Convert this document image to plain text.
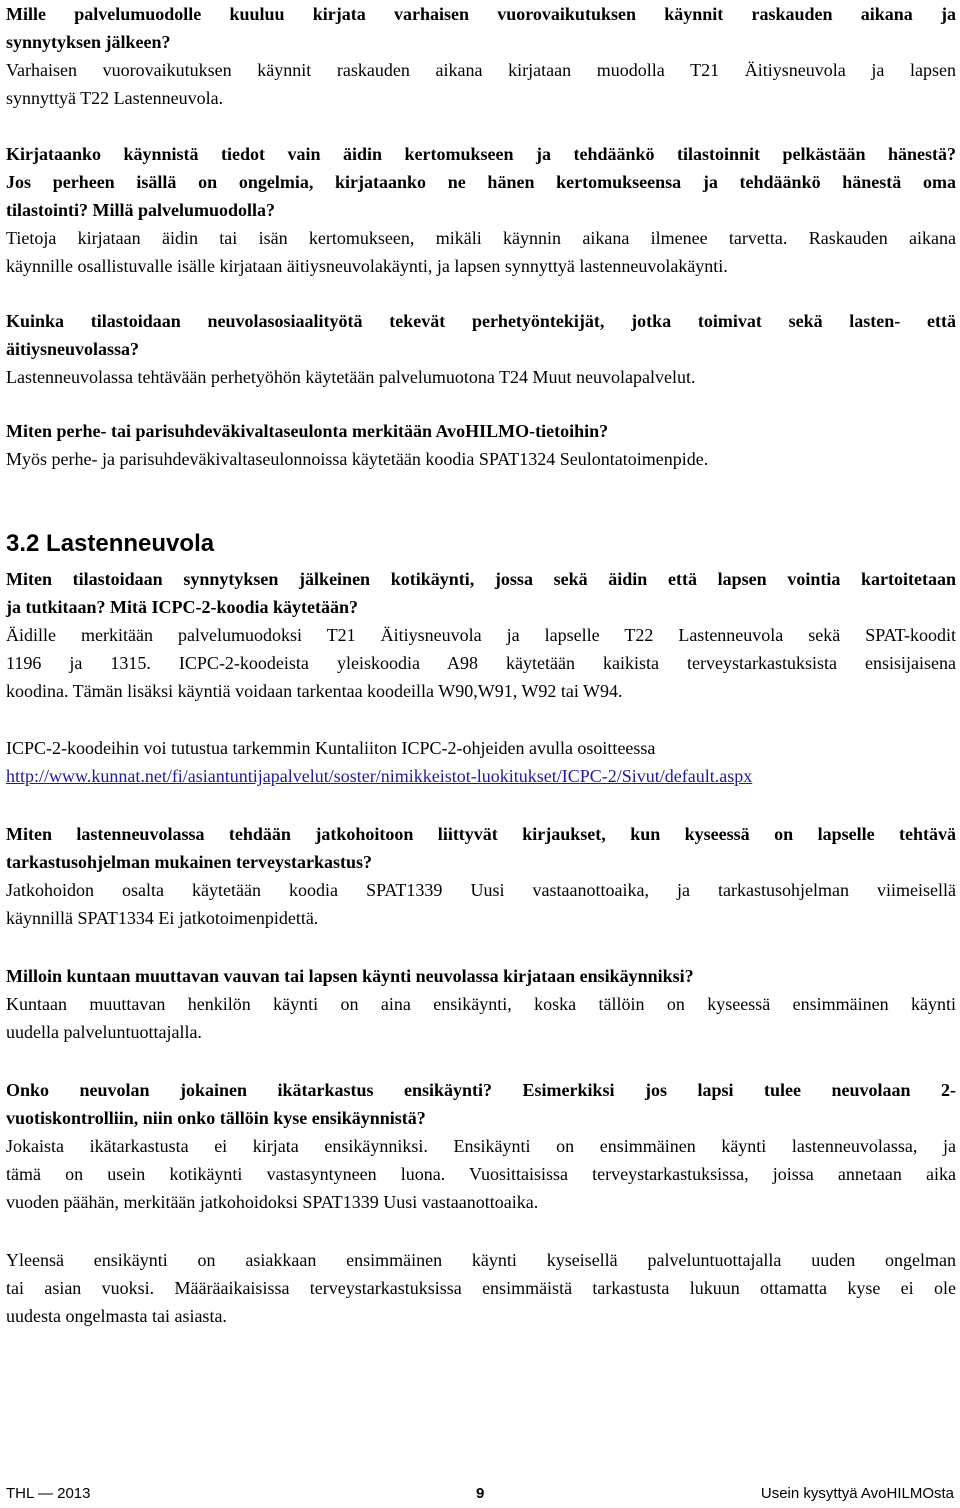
Mille palvelumuodolle kuuluu kirjata varhaisen vuorovaikutuksen käynnit raskauden aikana ja
synnytyksen jälkeen?
Varhaisen vuorovaikutuksen käynnit raskauden aikana kirjataan muodolla T21 Äitiysneuvola ja lapsen
synnyttyä T22 Lastenneuvola.
Kirjataanko käynnistä tiedot vain äidin kertomukseen ja tehdäänkö tilastoinnit pelkästään hänestä?
Jos perheen isällä on ongelmia, kirjataanko ne hänen kertomukseensa ja tehdäänkö hänestä oma
tilastointi? Millä palvelumuodolla?
Tietoja kirjataan äidin tai isän kertomukseen, mikäli käynnin aikana ilmenee tarvetta. Raskauden aikana
käynnille osallistuvalle isälle kirjataan äitiysneuvolakäynti, ja lapsen synnyttyä lastenneuvolakäynti.
Kuinka tilastoidaan neuvolasosiaalityötä tekevät perhetyöntekijät, jotka toimivat sekä lasten- että
äitiysneuvolassa?
Lastenneuvolassa tehtävään perhetyöhön käytetään palvelumuotona T24 Muut neuvolapalvelut.
Miten perhe- tai parisuhdeväkivaltaseulonta merkitään AvoHILMO-tietoihin?
Myös perhe- ja parisuhdeväkivaltaseulonnoissa käytetään koodia SPAT1324 Seulontatoimenpide.
3.2 Lastenneuvola
Miten tilastoidaan synnytyksen jälkeinen kotikäynti, jossa sekä äidin että lapsen vointia kartoitetaan
ja tutkitaan? Mitä ICPC-2-koodia käytetään?
Äidille merkitään palvelumuodoksi T21 Äitiysneuvola ja lapselle T22 Lastenneuvola sekä SPAT-koodit
1196 ja 1315. ICPC-2-koodeista yleiskoodia A98 käytetään kaikista terveystarkastuksista ensisijaisena
koodina. Tämän lisäksi käyntiä voidaan tarkentaa koodeilla W90,W91, W92 tai W94.
ICPC-2-koodeihin voi tutustua tarkemmin Kuntaliiton ICPC-2-ohjeiden avulla osoitteessa
http://www.kunnat.net/fi/asiantuntijapalvelut/soster/nimikkeistot-luokitukset/ICPC-2/Sivut/default.aspx
Miten lastenneuvolassa tehdään jatkohoitoon liittyvät kirjaukset, kun kyseessä on lapselle tehtävä
tarkastusohjelman mukainen terveystarkastus?
Jatkohoidon osalta käytetään koodia SPAT1339 Uusi vastaanottoaika, ja tarkastusohjelman viimeisellä
käynnillä SPAT1334 Ei jatkotoimenpidettä.
Milloin kuntaan muuttavan vauvan tai lapsen käynti neuvolassa kirjataan ensikäynniksi?
Kuntaan muuttavan henkilön käynti on aina ensikäynti, koska tällöin on kyseessä ensimmäinen käynti
uudella palveluntuottajalla.
Onko neuvolan jokainen ikätarkastus ensikäynti? Esimerkiksi jos lapsi tulee neuvolaan 2-
vuotiskontrolliin, niin onko tällöin kyse ensikäynnistä?
Jokaista ikätarkastusta ei kirjata ensikäynniksi. Ensikäynti on ensimmäinen käynti lastenneuvolassa, ja
tämä on usein kotikäynti vastasyntyneen luona. Vuosittaisissa terveystarkastuksissa, joissa annetaan aika
vuoden päähän, merkitään jatkohoidoksi SPAT1339 Uusi vastaanottoaika.
Yleensä ensikäynti on asiakkaan ensimmäinen käynti kyseisellä palveluntuottajalla uuden ongelman
tai asian vuoksi. Määräaikaisissa terveystarkastuksissa ensimmäistä tarkastusta lukuun ottamatta kyse ei ole
uudesta ongelmasta tai asiasta.
THL — 2013	9	Usein kysyttyä AvoHILMOsta
